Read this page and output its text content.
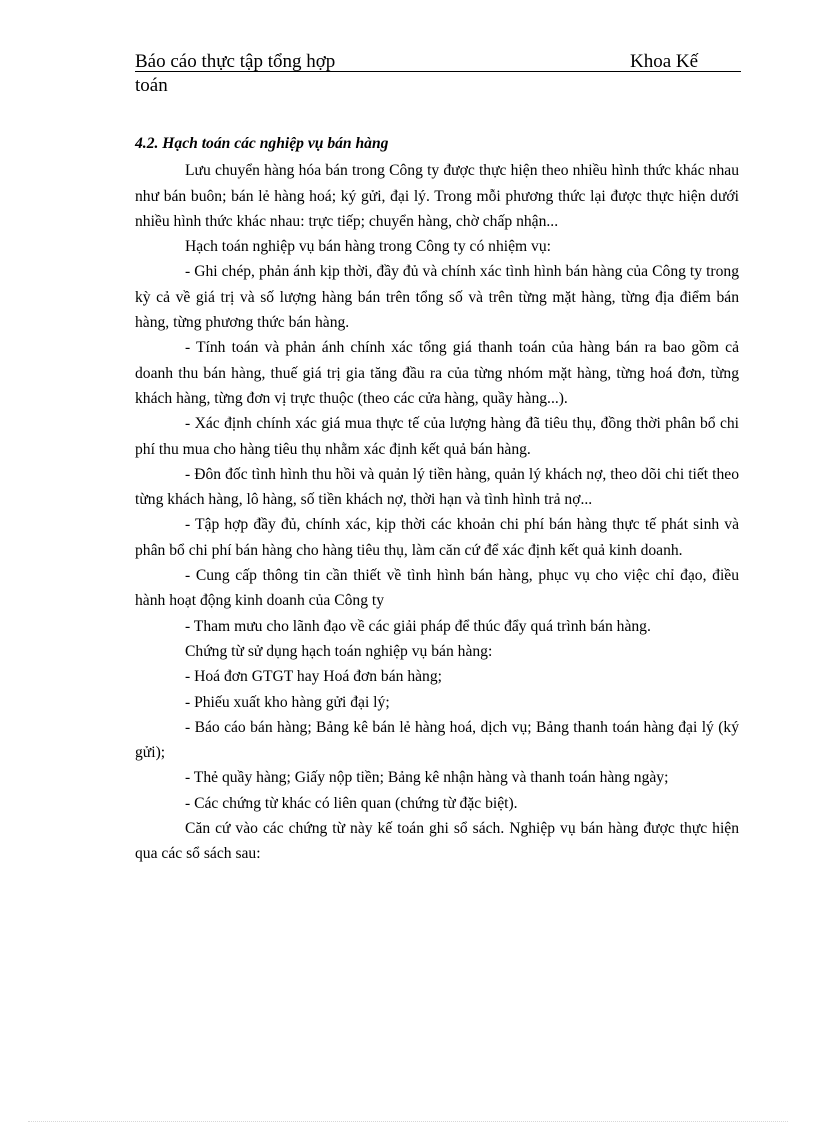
Báo cáo thực tập tổng hợp	Khoa Kế
toán

4.2. Hạch toán các nghiệp vụ bán hàng

Lưu chuyển hàng hóa bán trong Công ty được thực hiện theo nhiều hình thức khác nhau như bán buôn; bán lẻ hàng hoá; ký gửi, đại lý. Trong mỗi phương thức lại được thực hiện dưới nhiều hình thức khác nhau: trực tiếp; chuyển hàng, chờ chấp nhận...

Hạch toán nghiệp vụ bán hàng trong Công ty có nhiệm vụ:

- Ghi chép, phản ánh kịp thời, đầy đủ và chính xác tình hình bán hàng của Công ty trong kỳ cả về giá trị và số lượng hàng bán trên tổng số và trên từng mặt hàng, từng địa điểm bán hàng, từng phương thức bán hàng.

- Tính toán và phản ánh chính xác tổng giá thanh toán của hàng bán ra bao gồm cả doanh thu bán hàng, thuế giá trị gia tăng đầu ra của từng nhóm mặt hàng, từng hoá đơn, từng khách hàng, từng đơn vị trực thuộc (theo các cửa hàng, quầy hàng...).

- Xác định chính xác giá mua thực tế của lượng hàng đã tiêu thụ, đồng thời phân bổ chi phí thu mua cho hàng tiêu thụ nhằm xác định kết quả bán hàng.

- Đôn đốc tình hình thu hồi và quản lý tiền hàng, quản lý khách nợ, theo dõi chi tiết theo từng khách hàng, lô hàng, số tiền khách nợ, thời hạn và tình hình trả nợ...

- Tập hợp đầy đủ, chính xác, kịp thời các khoản chi phí bán hàng thực tế phát sinh và phân bổ chi phí bán hàng cho hàng tiêu thụ, làm căn cứ để xác định kết quả kinh doanh.

- Cung cấp thông tin cần thiết về tình hình bán hàng, phục vụ cho việc chỉ đạo, điều hành hoạt động kinh doanh của Công ty

- Tham mưu cho lãnh đạo về các giải pháp để thúc đẩy quá trình bán hàng.

Chứng từ sử dụng hạch toán nghiệp vụ bán hàng:

- Hoá đơn GTGT hay Hoá đơn bán hàng;

- Phiếu xuất kho hàng gửi đại lý;

- Báo cáo bán hàng; Bảng kê bán lẻ hàng hoá, dịch vụ; Bảng thanh toán hàng đại lý (ký gửi);

- Thẻ quầy hàng; Giấy nộp tiền; Bảng kê nhận hàng và thanh toán hàng ngày;

- Các chứng từ khác có liên quan (chứng từ đặc biệt).

Căn cứ vào các chứng từ này kế toán ghi sổ sách. Nghiệp vụ bán hàng được thực hiện qua các sổ sách sau:
